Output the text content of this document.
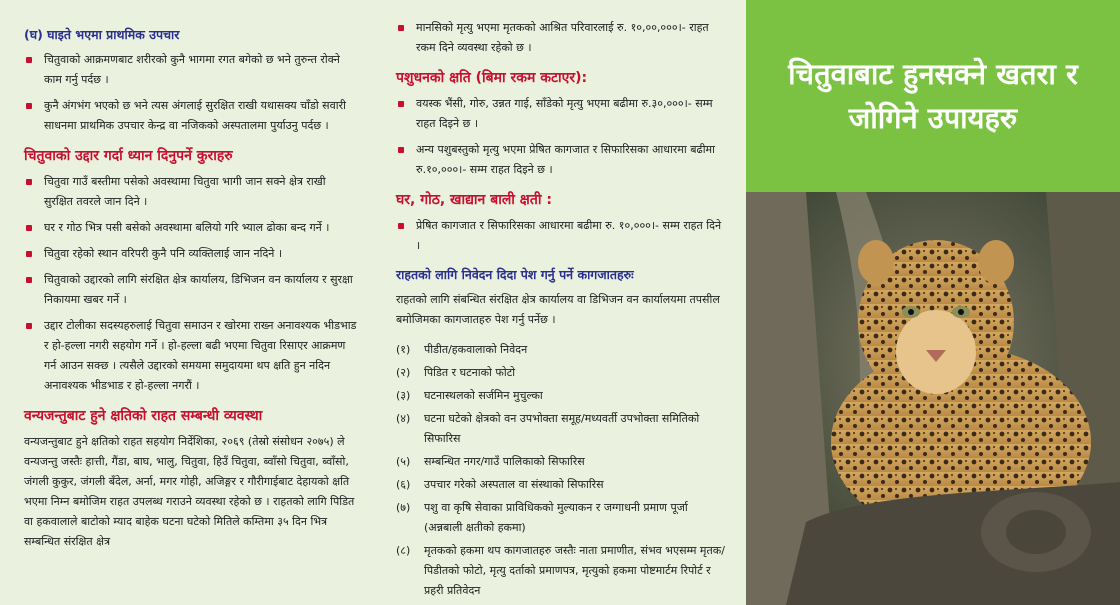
(घ) घाइते भएमा प्राथमिक उपचार
चितुवाको आक्रमणबाट शरीरको कुनै भागमा रगत बगेको छ भने तुरुन्त रोक्ने काम गर्नु पर्दछ ।
कुनै अंगभंग भएको छ भने त्यस अंगलाई सुरक्षित राखी यथासक्य चाँडो सवारी साधनमा प्राथमिक उपचार केन्द्र वा नजिकको अस्पतालमा पुर्याउनु पर्दछ ।
चितुवाको उद्दार गर्दा ध्यान दिनुपर्ने कुराहरु
चितुवा गाउँ बस्तीमा पसेको अवस्थामा चितुवा भागी जान सक्ने क्षेत्र राखी सुरक्षित तवरले जान दिने ।
घर र गोठ भित्र पसी बसेको अवस्थामा बलियो गरि भ्याल ढोका बन्द गर्ने ।
चितुवा रहेको स्थान वरिपरी कुनै पनि व्यक्तिलाई जान नदिने ।
चितुवाको उद्दारको लागि संरक्षित क्षेत्र कार्यालय, डिभिजन वन कार्यालय र सुरक्षा निकायमा खबर गर्ने ।
उद्दार टोलीका सदस्यहरुलाई चितुवा समाउन र खोरमा राख्न अनावश्यक भीडभाड र हो-हल्ला नगरी सहयोग गर्ने । हो-हल्ला बढी भएमा चितुवा रिसाएर आक्रमण गर्न आउन सक्छ । त्यसैले उद्दारको समयमा समुदायमा थप क्षति हुन नदिन अनावश्यक भीडभाड र हो-हल्ला नगरौं ।
वन्यजन्तुबाट हुने क्षतिको राहत सम्बन्धी व्यवस्था

वन्यजन्तुबाट हुने क्षतिको राहत सहयोग निर्देशिका, २०६९ (तेस्रो संसोधन २०७५) ले वन्यजन्तु जस्तैः हात्ती, गैंडा, बाघ, भालु, चितुवा, हिउँ चितुवा, ब्वाँसो चितुवा, ब्वाँसो, जंगली कुकुर, जंगली बँदेल, अर्ना, मगर गोही, अजिङ्गर र गौरीगाईबाट देहायको क्षति भएमा निम्न बमोजिम राहत उपलब्ध गराउने व्यवस्था रहेको छ । राहतको लागि पिडित वा हकवालाले बाटोको म्याद बाहेक घटना घटेको मितिले कम्तिमा ३५ दिन भित्र सम्बन्धित संरक्षित क्षेत्र

मानसिको मृत्यु भएमा मृतकको आश्रित परिवारलाई रु. १०,००,०००।- राहत रकम दिने व्यवस्था रहेको छ ।
पशुधनको क्षति (बिमा रकम कटाएर):
वयस्क भैंसी, गोरु, उन्नत गाई, साँडेको मृत्यु भएमा बढीमा रु.३०,०००।- सम्म राहत दिइने छ ।
अन्य पशुबस्तुको मृत्यु भएमा प्रेषित कागजात र सिफारिसका आधारमा बढीमा रु.१०,०००।- सम्म राहत दिइने छ ।
घर, गोठ, खाद्यान बाली क्षती :
प्रेषित कागजात र सिफारिसका आधारमा बढीमा रु. १०,०००।- सम्म राहत दिने ।
राहतको लागि निवेदन दिदा पेश गर्नु पर्ने कागजातहरुः

राहतको लागि संबन्धित संरक्षित क्षेत्र कार्यालय वा डिभिजन वन कार्यालयमा तपसील बमोजिमका कागजातहरु पेश गर्नु पर्नेछ ।

(१)	पीडीत/हकवालाको निवेदन
(२)	पिडित र घटनाको फोटो
(३)	घटनास्थलको सर्जमिन मुचुल्का
(४)	घटना घटेको क्षेत्रको वन उपभोक्ता समूह/मध्यवर्ती उपभोक्ता समितिको सिफारिस
(५)	सम्बन्धित नगर/गाउँ पालिकाको सिफारिस
(६)	उपचार गरेको अस्पताल वा संस्थाको सिफारिस
(७)	पशु वा कृषि सेवाका प्राविधिकको मुल्याकन र जग्गाधनी प्रमाण पूर्जा (अन्नबाली क्षतीको हकमा)
(८)	मृतकको हकमा थप कागजातहरु जस्तैः नाता प्रमाणीत, संभव भएसम्म मृतक/पिडीतको फोटो, मृत्यु दर्ताको प्रमाणपत्र, मृत्युको हकमा पोष्टमार्टम रिपोर्ट र प्रहरी प्रतिवेदन
चितुवाबाट हुनसक्ने खतरा र जोगिने उपायहरु
